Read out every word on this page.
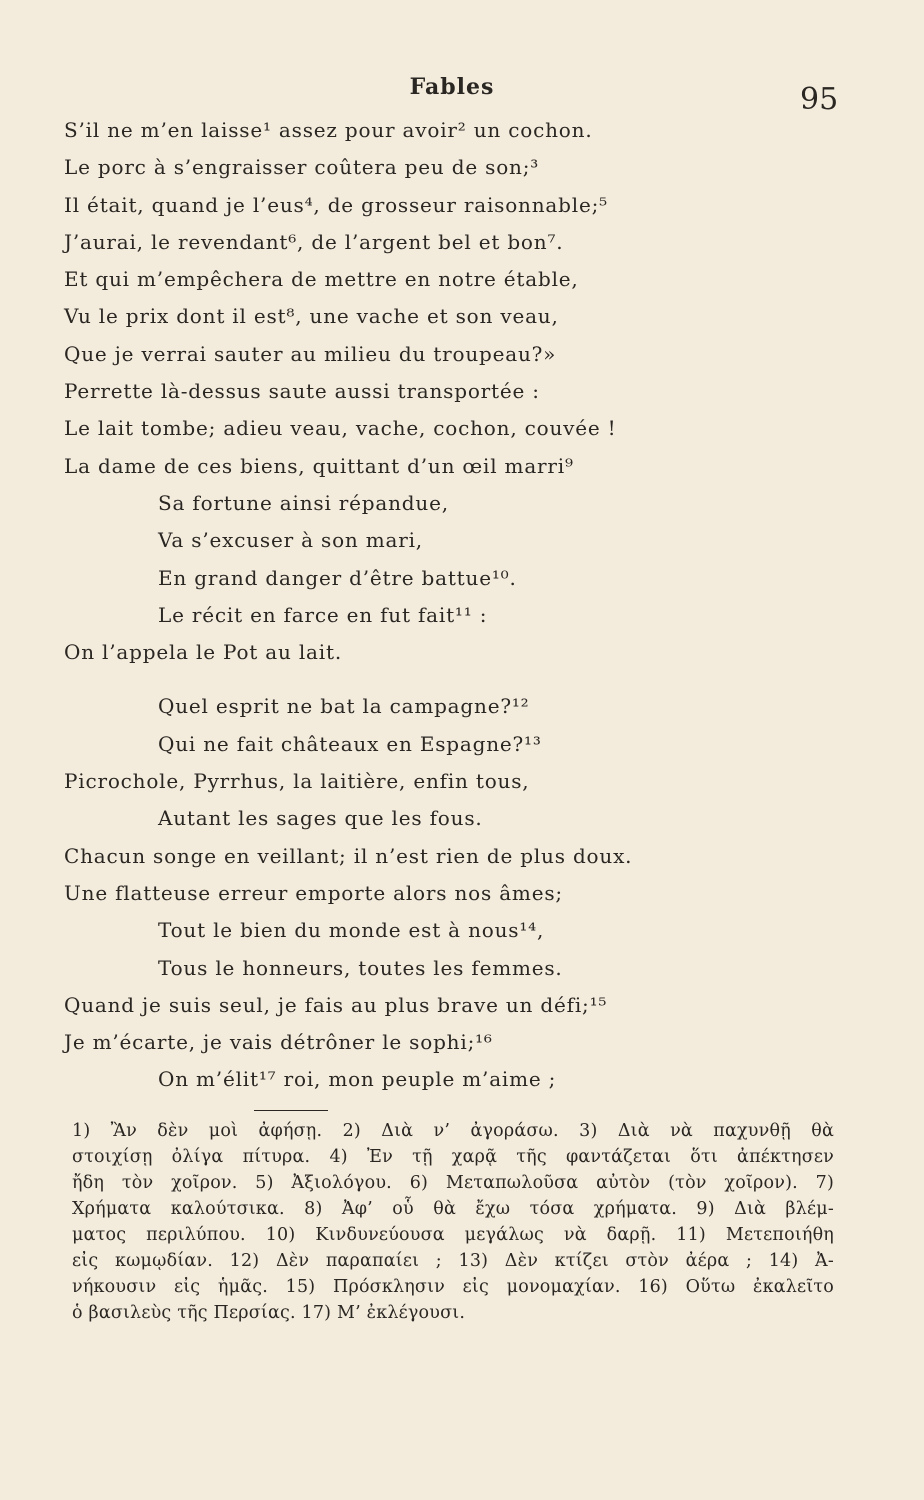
Fables	95
S’il ne m’en laisse¹ assez pour avoir² un cochon.
Le porc à s’engraisser coûtera peu de son;³
Il était, quand je l’eus⁴, de grosseur raisonnable;⁵
J’aurai, le revendant⁶, de l’argent bel et bon⁷.
Et qui m’empêchera de mettre en notre étable,
Vu le prix dont il est⁸, une vache et son veau,
Que je verrai sauter au milieu du troupeau?»
Perrette là-dessus saute aussi transportée :
Le lait tombe; adieu veau, vache, cochon, couvée !
La dame de ces biens, quittant d’un œil marri⁹
Sa fortune ainsi répandue,
Va s’excuser à son mari,
En grand danger d’être battue¹⁰.
Le récit en farce en fut fait¹¹ :
On l’appela le Pot au lait.
Quel esprit ne bat la campagne?¹²
Qui ne fait châteaux en Espagne?¹³
Picrochole, Pyrrhus, la laitière, enfin tous,
Autant les sages que les fous.
Chacun songe en veillant; il n’est rien de plus doux.
Une flatteuse erreur emporte alors nos âmes;
Tout le bien du monde est à nous¹⁴,
Tous le honneurs, toutes les femmes.
Quand je suis seul, je fais au plus brave un défi;¹⁵
Je m’écarte, je vais détrôner le sophi;¹⁶
On m’élit¹⁷ roi, mon peuple m’aime ;
1) Ἂν δὲν μοὶ ἀφήσῃ. 2) Διὰ ν’ ἀγοράσω. 3) Διὰ νὰ παχυνθῇ θὰ
στοιχίσῃ ὀλίγα πίτυρα. 4) Ἐν τῇ χαρᾷ τῆς φαντάζεται ὅτι ἀπέκτησεν
ἤδη τὸν χοῖρον. 5) Ἀξιολόγου. 6) Μεταπωλοῦσα αὐτὸν (τὸν χοῖρον). 7)
Χρήματα καλούτσικα. 8) Ἀφ’ οὗ θὰ ἔχω τόσα χρήματα. 9) Διὰ βλέμ-
ματος περιλύπου. 10) Κινδυνεύουσα μεγάλως νὰ δαρῇ. 11) Μετεποιήθη
εἰς κωμῳδίαν. 12) Δὲν παραπαίει ; 13) Δὲν κτίζει στὸν ἀέρα ; 14) Ἀ-
νήκουσιν εἰς ἡμᾶς. 15) Πρόσκλησιν εἰς μονομαχίαν. 16) Οὕτω ἐκαλεῖτο
ὁ βασιλεὺς τῆς Περσίας. 17) Μ’ ἐκλέγουσι.
